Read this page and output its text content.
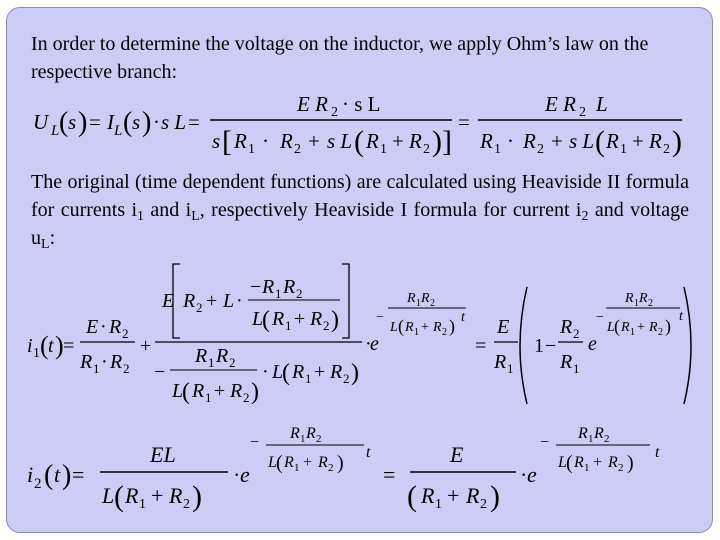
In order to determine the voltage on the inductor, we apply Ohm’s law on the respective branch:

The original (time dependent functions) are calculated using Heaviside II formula for currents $i_1$ and $i_L$, respectively Heaviside I formula for current $i_2$ and voltage $u_L$:

U L ( s ) = I L ( s ) · s L =
E R 2 · s L
s [ R 1 · R 2 + s L ( R 1 + R 2 ) ]
=
E R 2 L
R 1 · R 2 + s L ( R 1 + R 2 )
i 1 ( t ) =
E · R 2
R 1 · R 2
+
E R 2 + L ·
− R 1 R 2
L
( R 1 + R 2 )
R 1 R 2
−
L
( R 1 + R 2 )
· L
( R 1 + R 2 )
·
e
−
R 1 R 2
L ( R 1 + R 2 ) t
=
E
R 1
1 −
R 2
R 1
e
−
R 1 R 2
L ( R 1 + R 2 ) t
i 2 ( t ) =
EL
L ( R 1 + R 2 )
· e
−
R 1 R 2
L ( R 1 + R 2 ) t
=
E
( R 1 + R 2 )
· e
−
R 1 R 2
L ( R 1 + R 2 ) t
